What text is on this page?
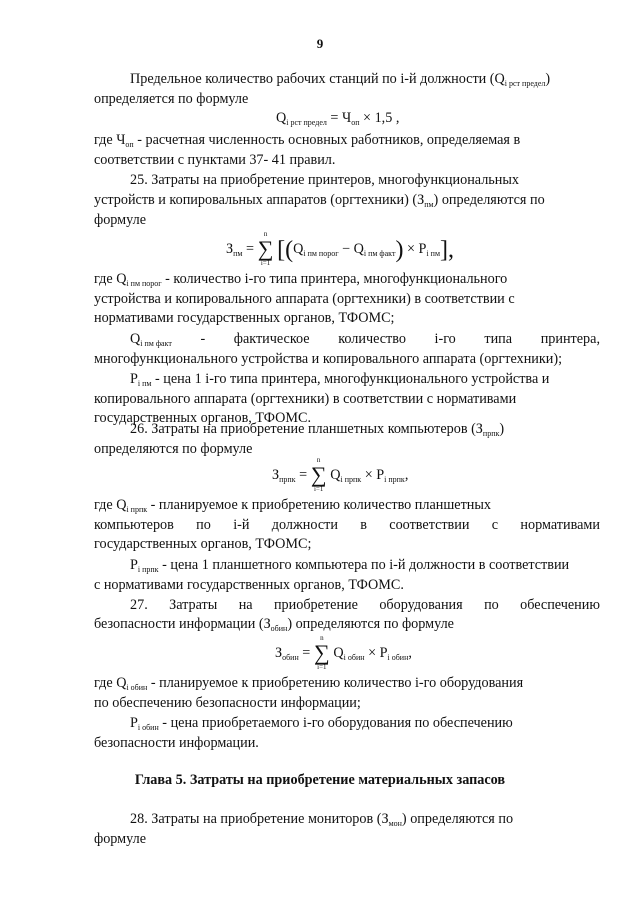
9
Предельное количество рабочих станций по i-й должности $(Q_{i рст предел})$
определяется по формуле
$Q_{i рст предел} = Ч_{оп} \times 1,5$ ,
где $Ч_{оп}$ - расчетная численность основных работников, определяемая в
соответствии с пунктами 37- 41 правил.
25. Затраты на приобретение принтеров, многофункциональных
устройств и копировальных аппаратов (оргтехники) $(З_{пм})$ определяются по
формуле
$З_{пм}$ =
n
∑
i=1 $[(Q_{i пм порог} - Q_{i пм факт}) \times P_{i пм}]$,
где $Q_{i пм порог}$ - количество i-го типа принтера, многофункционального
устройства и копировального аппарата (оргтехники) в соответствии с
нормативами государственных органов, ТФОМС;
$Q_{i пм факт}$ - фактическое количество i-го типа принтера,
многофункционального устройства и копировального аппарата (оргтехники);
$P_{i пм}$ - цена 1 i-го типа принтера, многофункционального устройства и
копировального аппарата (оргтехники) в соответствии с нормативами
государственных органов, ТФОМС.
26. Затраты на приобретение планшетных компьютеров $(З_{прпк})$
определяются по формуле
$З_{прпк}$ =
n
∑
i=1
$Q_{i прпк} \times P_{i прпк}$,
где $Q_{i прпк}$ - планируемое к приобретению количество планшетных
компьютеров по i-й должности в соответствии с нормативами
государственных органов, ТФОМС;
$P_{i прпк}$ - цена 1 планшетного компьютера по i-й должности в соответствии
с нормативами государственных органов, ТФОМС.
27. Затраты на приобретение оборудования по обеспечению
безопасности информации $(З_{обин})$ определяются по формуле
$З_{обин}$ =
n
∑
i=1
$Q_{i обин} \times P_{i обин}$,
где $Q_{i обин}$ - планируемое к приобретению количество i-го оборудования
по обеспечению безопасности информации;
$P_{i обин}$ - цена приобретаемого i-го оборудования по обеспечению
безопасности информации.
Глава 5. Затраты на приобретение материальных запасов
28. Затраты на приобретение мониторов $(З_{мон})$ определяются по
формуле
